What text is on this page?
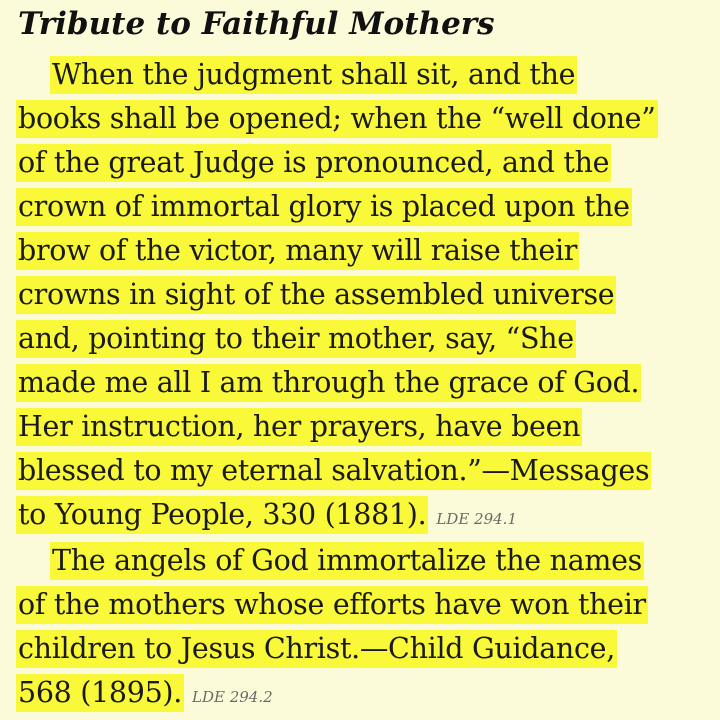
Tribute to Faithful Mothers
When the judgment shall sit, and the
books shall be opened; when the “well done”
of the great Judge is pronounced, and the
crown of immortal glory is placed upon the
brow of the victor, many will raise their
crowns in sight of the assembled universe
and, pointing to their mother, say, “She
made me all I am through the grace of God.
Her instruction, her prayers, have been
blessed to my eternal salvation.”—Messages
to Young People, 330 (1881). LDE 294.1
The angels of God immortalize the names
of the mothers whose efforts have won their
children to Jesus Christ.—Child Guidance,
568 (1895). LDE 294.2
